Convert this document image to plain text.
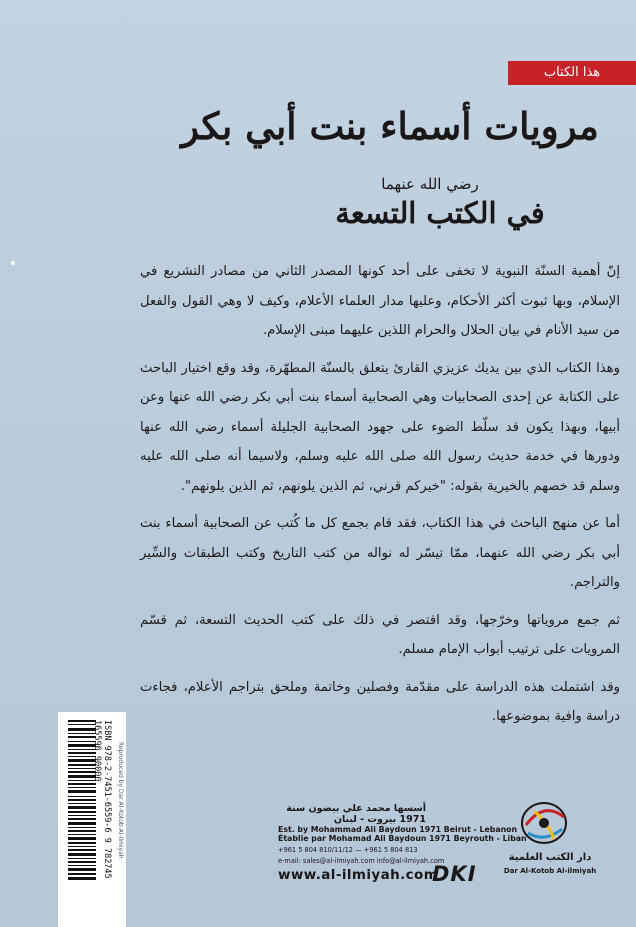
هذا الكتاب
مرويات أسماء بنت أبي بكر
رضي الله عنهما
في الكتب التسعة

إنّ أهمية السنّة النبوية لا تخفى على أحد كونها المصدر الثاني من مصادر التشريع في الإسلام، وبها ثبوت أكثر الأحكام، وعليها مدار العلماء الأعلام، وكيف لا وهي القول والفعل من سيد الأنام في بيان الحلال والحرام اللذين عليهما مبنى الإسلام.

وهذا الكتاب الذي بين يديك عزيزي القارئ يتعلق بالسنّة المطهّرة، وقد وقع اختيار الباحث على الكتابة عن إحدى الصحابيات وهي الصحابية أسماء بنت أبي بكر رضي الله عنها وعن أبيها، وبهذا يكون قد سلّط الضوء على جهود الصحابية الجليلة أسماء رضي الله عنها ودورها في خدمة حديث رسول الله صلى الله عليه وسلم، ولاسيما أنه صلى الله عليه وسلم قد خصهم بالخيرية بقوله: "خيركم قرني، ثم الذين يلونهم، ثم الذين يلونهم".

أما عن منهج الباحث في هذا الكتاب، فقد قام بجمع كل ما كُتب عن الصحابية أسماء بنت أبي بكر رضي الله عنهما، ممّا تيسّر له نواله من كتب التاريخ وكتب الطبقات والسِّير والتراجم.

ثم جمع مروياتها وخرّجها، وقد اقتصر في ذلك على كتب الحديث التسعة، ثم قسّم المرويات على ترتيب أبواب الإمام مسلم.

وقد اشتملت هذه الدراسة على مقدّمة وفصلين وخاتمة وملحق بتراجم الأعلام، فجاءت دراسة وافية بموضوعها.

ISBN 978-2-7451-6559-6 9 782745 165596 90000	Reproduced by Dar Al-Kotob Al-Ilmiyah	أسسها محمد علي بيضون سنة 1971 بيروت - لبنان
Est. by Mohammad Ali Baydoun 1971 Beirut - Lebanon
Établie par Mohamad Ali Baydoun 1971 Beyrouth - Liban
+961 5 804 810/11/12 — +961 5 804 813
e-mail: sales@al-ilmiyah.com info@al-ilmiyah.com
www.al-ilmiyah.com
DKI
دار الكتب العلمية
Dar Al-Kotob Al-ilmiyah
